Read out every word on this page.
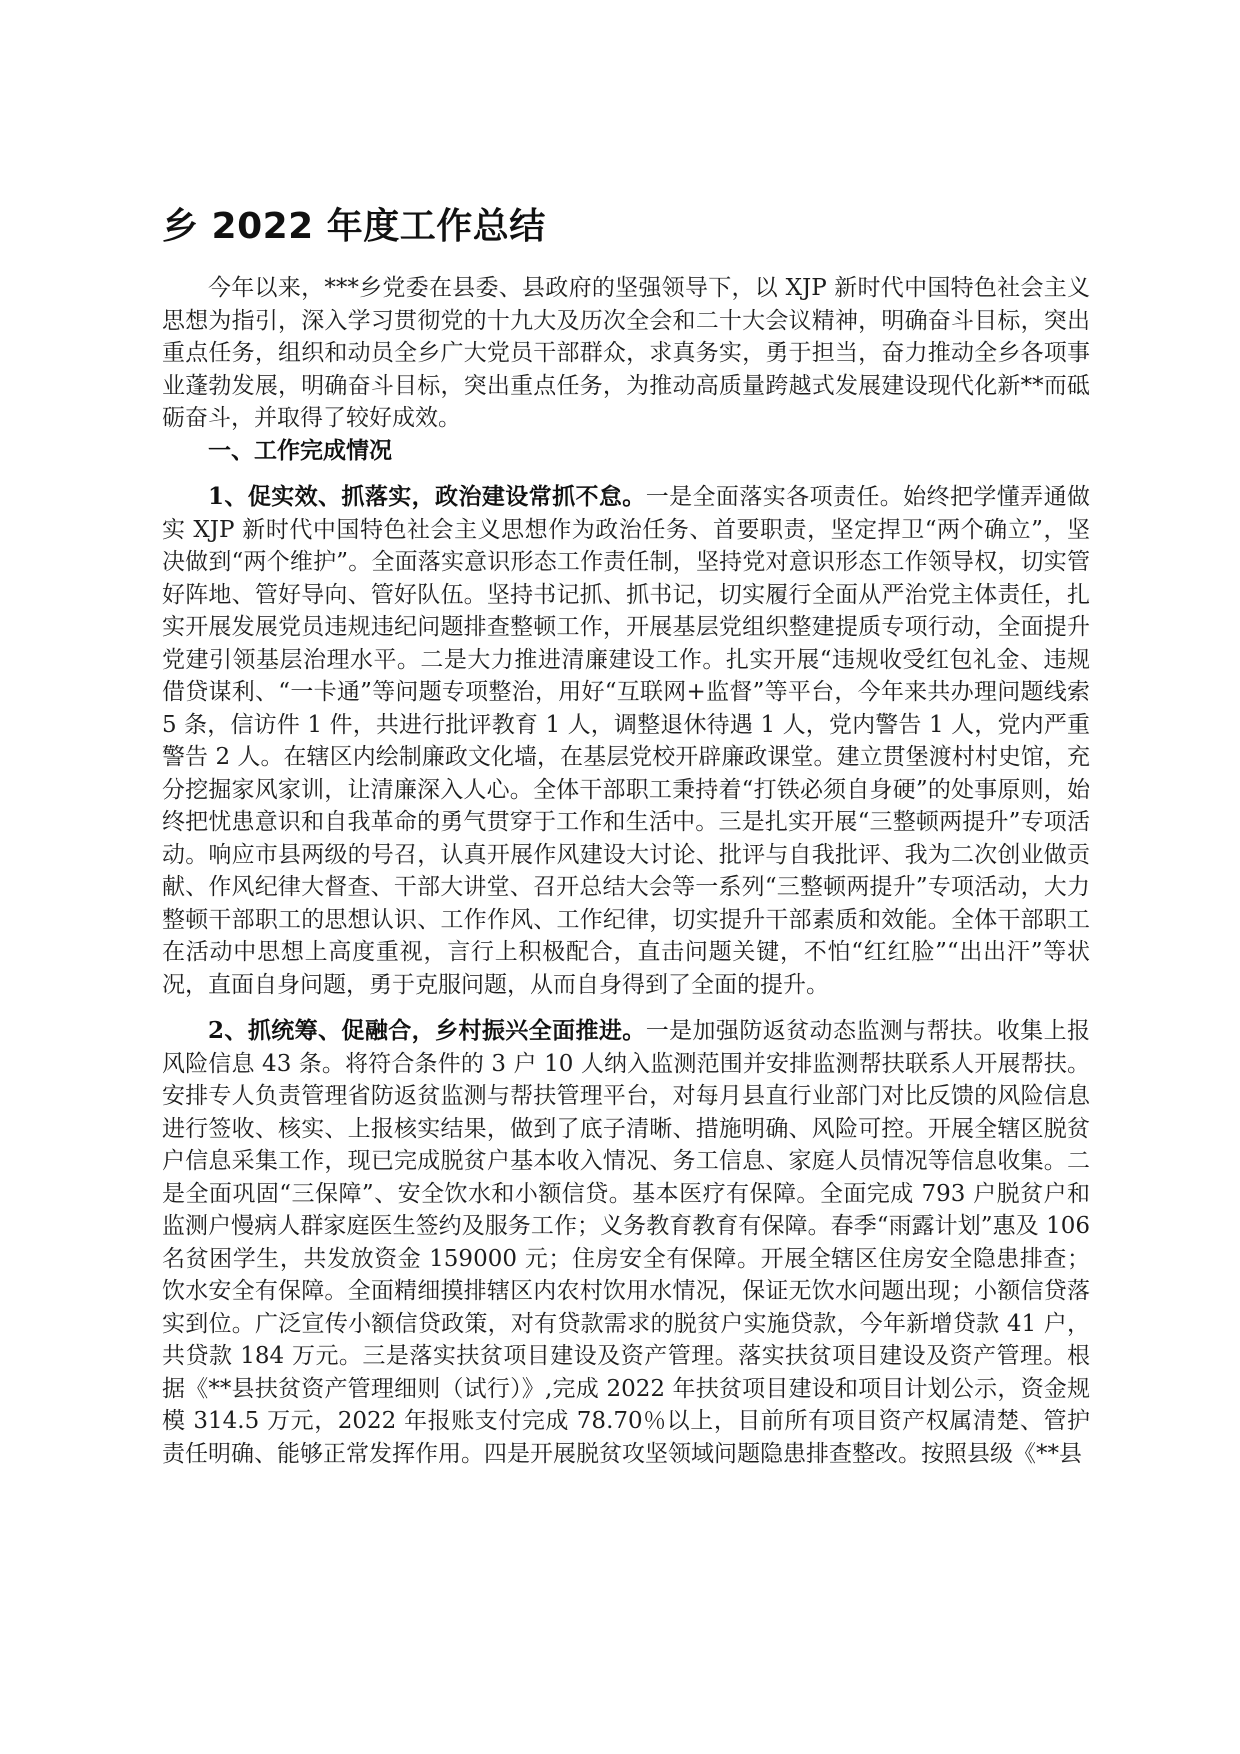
乡 2022 年度工作总结

今年以来，***乡党委在县委、县政府的坚强领导下，以 XJP 新时代中国特色社会主义思想为指引，深入学习贯彻党的十九大及历次全会和二十大会议精神，明确奋斗目标，突出重点任务，组织和动员全乡广大党员干部群众，求真务实，勇于担当，奋力推动全乡各项事业蓬勃发展，明确奋斗目标，突出重点任务，为推动高质量跨越式发展建设现代化新**而砥砺奋斗，并取得了较好成效。

一、工作完成情况

1、促实效、抓落实，政治建设常抓不怠。一是全面落实各项责任。始终把学懂弄通做实 XJP 新时代中国特色社会主义思想作为政治任务、首要职责，坚定捍卫“两个确立”，坚决做到“两个维护”。全面落实意识形态工作责任制，坚持党对意识形态工作领导权，切实管好阵地、管好导向、管好队伍。坚持书记抓、抓书记，切实履行全面从严治党主体责任，扎实开展发展党员违规违纪问题排查整顿工作，开展基层党组织整建提质专项行动，全面提升党建引领基层治理水平。二是大力推进清廉建设工作。扎实开展“违规收受红包礼金、违规借贷谋利、“一卡通”等问题专项整治，用好“互联网+监督”等平台，今年来共办理问题线索 5 条，信访件 1 件，共进行批评教育 1 人，调整退休待遇 1 人，党内警告 1 人，党内严重警告 2 人。在辖区内绘制廉政文化墙，在基层党校开辟廉政课堂。建立贯堡渡村村史馆，充分挖掘家风家训，让清廉深入人心。全体干部职工秉持着“打铁必须自身硬”的处事原则，始终把忧患意识和自我革命的勇气贯穿于工作和生活中。三是扎实开展“三整顿两提升”专项活动。响应市县两级的号召，认真开展作风建设大讨论、批评与自我批评、我为二次创业做贡献、作风纪律大督查、干部大讲堂、召开总结大会等一系列“三整顿两提升”专项活动，大力整顿干部职工的思想认识、工作作风、工作纪律，切实提升干部素质和效能。全体干部职工在活动中思想上高度重视，言行上积极配合，直击问题关键，不怕“红红脸”“出出汗”等状况，直面自身问题，勇于克服问题，从而自身得到了全面的提升。

2、抓统筹、促融合，乡村振兴全面推进。一是加强防返贫动态监测与帮扶。收集上报风险信息 43 条。将符合条件的 3 户 10 人纳入监测范围并安排监测帮扶联系人开展帮扶。安排专人负责管理省防返贫监测与帮扶管理平台，对每月县直行业部门对比反馈的风险信息进行签收、核实、上报核实结果，做到了底子清晰、措施明确、风险可控。开展全辖区脱贫户信息采集工作，现已完成脱贫户基本收入情况、务工信息、家庭人员情况等信息收集。二是全面巩固“三保障”、安全饮水和小额信贷。基本医疗有保障。全面完成 793 户脱贫户和监测户慢病人群家庭医生签约及服务工作；义务教育教育有保障。春季“雨露计划”惠及 106 名贫困学生，共发放资金 159000 元；住房安全有保障。开展全辖区住房安全隐患排查；饮水安全有保障。全面精细摸排辖区内农村饮用水情况，保证无饮水问题出现；小额信贷落实到位。广泛宣传小额信贷政策，对有贷款需求的脱贫户实施贷款，今年新增贷款 41 户，共贷款 184 万元。三是落实扶贫项目建设及资产管理。落实扶贫项目建设及资产管理。根据《**县扶贫资产管理细则（试行）》,完成 2022 年扶贫项目建设和项目计划公示，资金规模 314.5 万元，2022 年报账支付完成 78.70％以上，目前所有项目资产权属清楚、管护责任明确、能够正常发挥作用。四是开展脱贫攻坚领域问题隐患排查整改。按照县级《**县
